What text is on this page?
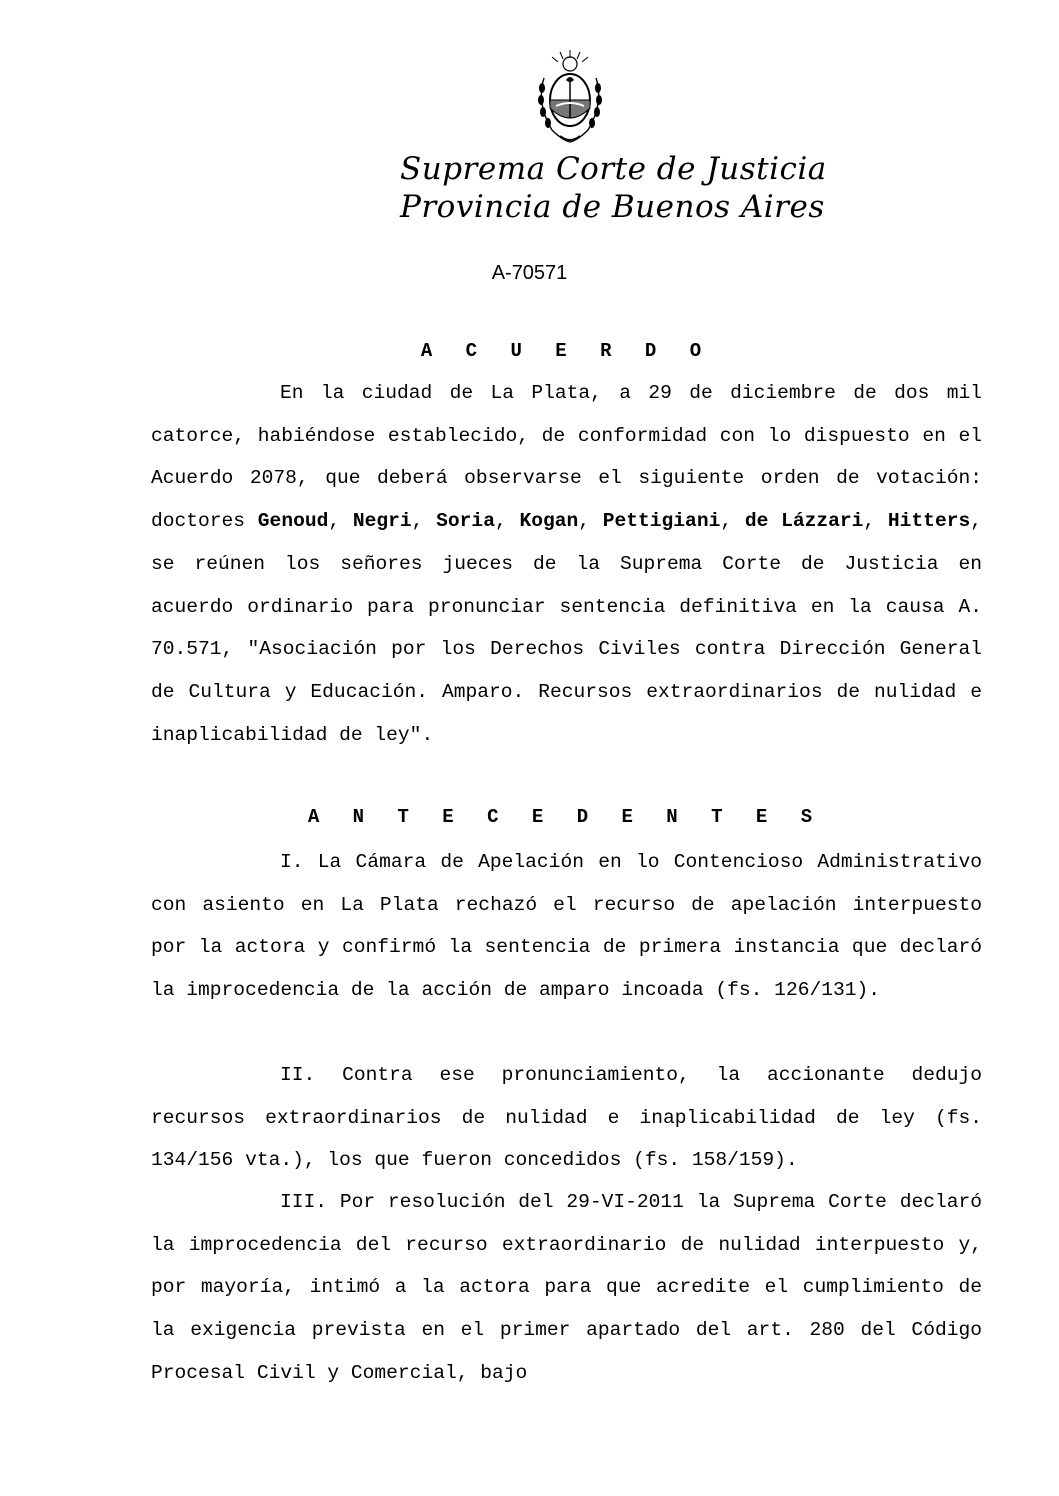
Suprema Corte de Justicia
Provincia de Buenos Aires
A-70571
A C U E R D O
En la ciudad de La Plata, a 29 de diciembre de dos mil catorce, habiéndose establecido, de conformidad con lo dispuesto en el Acuerdo 2078, que deberá observarse el siguiente orden de votación: doctores Genoud, Negri, Soria, Kogan, Pettigiani, de Lázzari, Hitters, se reúnen los señores jueces de la Suprema Corte de Justicia en acuerdo ordinario para pronunciar sentencia definitiva en la causa A. 70.571, "Asociación por los Derechos Civiles contra Dirección General de Cultura y Educación. Amparo. Recursos extraordinarios de nulidad e inaplicabilidad de ley".
A N T E C E D E N T E S
I. La Cámara de Apelación en lo Contencioso Administrativo con asiento en La Plata rechazó el recurso de apelación interpuesto por la actora y confirmó la sentencia de primera instancia que declaró la improcedencia de la acción de amparo incoada (fs. 126/131).
II. Contra ese pronunciamiento, la accionante dedujo recursos extraordinarios de nulidad e inaplicabilidad de ley (fs. 134/156 vta.), los que fueron concedidos (fs. 158/159).
III. Por resolución del 29-VI-2011 la Suprema Corte declaró la improcedencia del recurso extraordinario de nulidad interpuesto y, por mayoría, intimó a la actora para que acredite el cumplimiento de la exigencia prevista en el primer apartado del art. 280 del Código Procesal Civil y Comercial, bajo
